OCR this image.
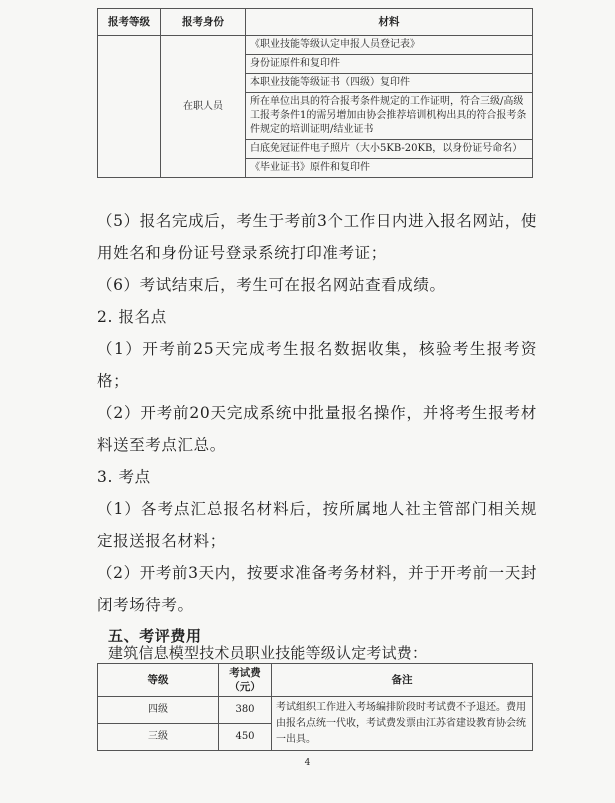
报考等级	报考身份	材料
	在职人员	《职业技能等级认定申报人员登记表》
		身份证原件和复印件
		本职业技能等级证书（四级）复印件
		所在单位出具的符合报考条件规定的工作证明，符合三级/高级工报考条件1的需另增加由协会推荐培训机构出具的符合报考条件规定的培训证明/结业证书
		白底免冠证件电子照片（大小5KB-20KB，以身份证号命名）
		《毕业证书》原件和复印件
（5）报名完成后，考生于考前3个工作日内进入报名网站，使用姓名和身份证号登录系统打印准考证；
（6）考试结束后，考生可在报名网站查看成绩。
2. 报名点
（1）开考前25天完成考生报名数据收集，核验考生报考资格；
（2）开考前20天完成系统中批量报名操作，并将考生报考材料送至考点汇总。
3. 考点
（1）各考点汇总报名材料后，按所属地人社主管部门相关规定报送报名材料；
（2）开考前3天内，按要求准备考务材料，并于开考前一天封闭考场待考。
五、考评费用
建筑信息模型技术员职业技能等级认定考试费：
等级	考试费（元）	备注
四级	380	考试组织工作进入考场编排阶段时考试费不予退还。费用由报名点统一代收，考试费发票由江苏省建设教育协会统一出具。
三级	450	
4
